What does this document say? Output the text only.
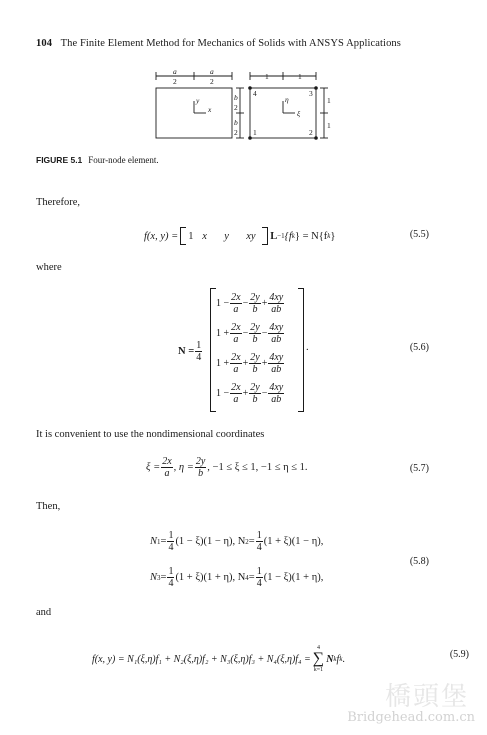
104 The Finite Element Method for Mechanics of Solids with ANSYS Applications
a
2
a
2
b
2
b
2
x
y
1	1
1
1
1	2
3
4
ξ
η
FIGURE 5.1 Four-node element.
Therefore,
f(x, y) = 1 x	y	xy	L −1 {f k } = N{f k }	(5.5)
where
$N = \frac{1}{4}$	.
$1 - \frac{2x}{a} - \frac{2y}{b} + \frac{4xy}{ab}$
$1 + \frac{2x}{a} - \frac{2y}{b} - \frac{4xy}{ab}$
$1 + \frac{2x}{a} + \frac{2y}{b} + \frac{4xy}{ab}$
$1 - \frac{2x}{a} + \frac{2y}{b} - \frac{4xy}{ab}$
(5.6)
It is convenient to use the nondimensional coordinates
$\xi = \frac{2x}{a}$ , $\eta = \frac{2y}{b}$ , −1 ≤ ξ ≤ 1, −1 ≤ η ≤ 1.	(5.7)
Then,
N $1 = \frac{1}{4} (1 - \xi)(1 - \eta)$, N $2 = \frac{1}{4} (1 + \xi)(1 - \eta)$,
N $3 = \frac{1}{4} (1 + \xi)(1 + \eta)$, N $4 = \frac{1}{4} (1 - \xi)(1 + \eta)$,
(5.8)
and
f(x, y) = N₁(ξ,η)f₁ + N₂(ξ,η)f₂ + N₃(ξ,η)f₃ + N₄(ξ,η)f₄ =
4
∑
k=1
N k f k .	(5.9)
橋頭堡
Bridgehead.com.cn
